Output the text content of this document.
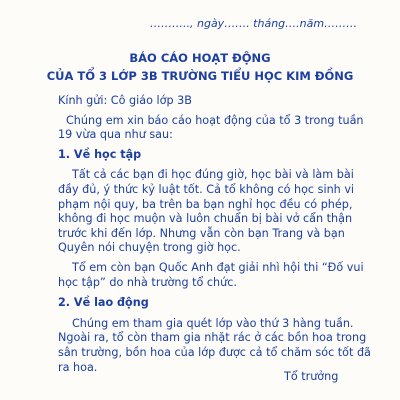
……….., ngày……. tháng….năm………
BÁO CÁO HOẠT ĐỘNG
CỦA TỔ 3 LỚP 3B TRƯỜNG TIỂU HỌC KIM ĐỒNG

Kính gửi: Cô giáo lớp 3B

Chúng em xin báo cáo hoạt động của tổ 3 trong tuần 19 vừa qua như sau:

1. Về học tập

Tất cả các bạn đi học đúng giờ, học bài và làm bài đầy đủ, ý thức kỷ luật tốt. Cả tổ không có học sinh vi phạm nội quy, ba trên ba bạn nghỉ học đều có phép, không đi học muộn và luôn chuẩn bị bài vở cẩn thận trước khi đến lớp. Nhưng vẫn còn bạn Trang và bạn Quyên nói chuyện trong giờ học.

Tổ em còn bạn Quốc Anh đạt giải nhì hội thi “Đố vui học tập” do nhà trường tổ chức.

2. Về lao động

Chúng em tham gia quét lớp vào thứ 3 hàng tuần. Ngoài ra, tổ còn tham gia nhặt rác ở các bồn hoa trong sân trường, bồn hoa của lớp được cả tổ chăm sóc tốt đã ra hoa.

Tổ trưởng
